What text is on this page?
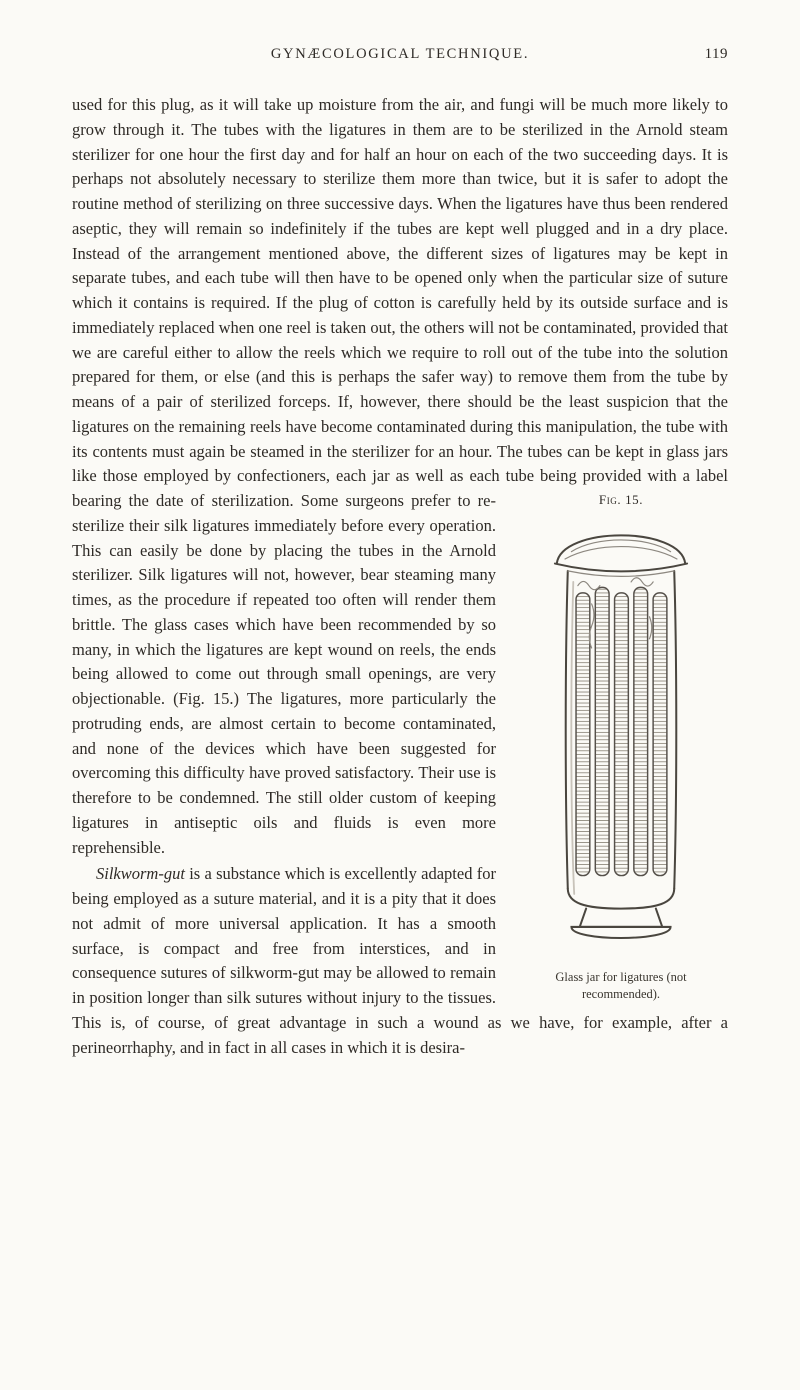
GYNÆCOLOGICAL TECHNIQUE.	119

used for this plug, as it will take up moisture from the air, and fungi will be much more likely to grow through it. The tubes with the ligatures in them are to be sterilized in the Arnold steam sterilizer for one hour the first day and for half an hour on each of the two succeeding days. It is perhaps not absolutely necessary to sterilize them more than twice, but it is safer to adopt the routine method of sterilizing on three successive days. When the ligatures have thus been rendered aseptic, they will remain so indefinitely if the tubes are kept well plugged and in a dry place. Instead of the arrangement mentioned above, the different sizes of ligatures may be kept in separate tubes, and each tube will then have to be opened only when the particular size of suture which it contains is required. If the plug of cotton is carefully held by its outside surface and is immediately replaced when one reel is taken out, the others will not be contaminated, provided that we are careful either to allow the reels which we require to roll out of the tube into the solution prepared for them, or else (and this is perhaps the safer way) to remove them from the tube by means of a pair of sterilized forceps. If, however, there should be the least suspicion that the ligatures on the remaining reels have become contaminated during this manipulation, the tube with its contents must again be steamed in the sterilizer for an hour. The tubes can be kept in glass jars like those employed by confectioners, each jar as well as each tube being provided
Fig. 15.
Glass jar for ligatures (not recommended).
with a label bearing the date of sterilization. Some surgeons prefer to re-sterilize their silk ligatures immediately before every operation. This can easily be done by placing the tubes in the Arnold sterilizer. Silk ligatures will not, however, bear steaming many times, as the procedure if repeated too often will render them brittle. The glass cases which have been recommended by so many, in which the ligatures are kept wound on reels, the ends being allowed to come out through small openings, are very objectionable. (Fig. 15.) The ligatures, more particularly the protruding ends, are almost certain to become contaminated, and none of the devices which have been suggested for overcoming this difficulty have proved satisfactory. Their use is therefore to be condemned. The still older custom of keeping ligatures in antiseptic oils and fluids is even more reprehensible.

Silkworm-gut is a substance which is excellently adapted for being employed as a suture material, and it is a pity that it does not admit of more universal application. It has a smooth surface, is compact and free from interstices, and in consequence sutures of silkworm-gut may be allowed to remain in position longer than silk sutures without injury to the tissues. This is, of course, of great advantage in such a wound as we have, for example, after a perineorrhaphy, and in fact in all cases in which it is desira-
